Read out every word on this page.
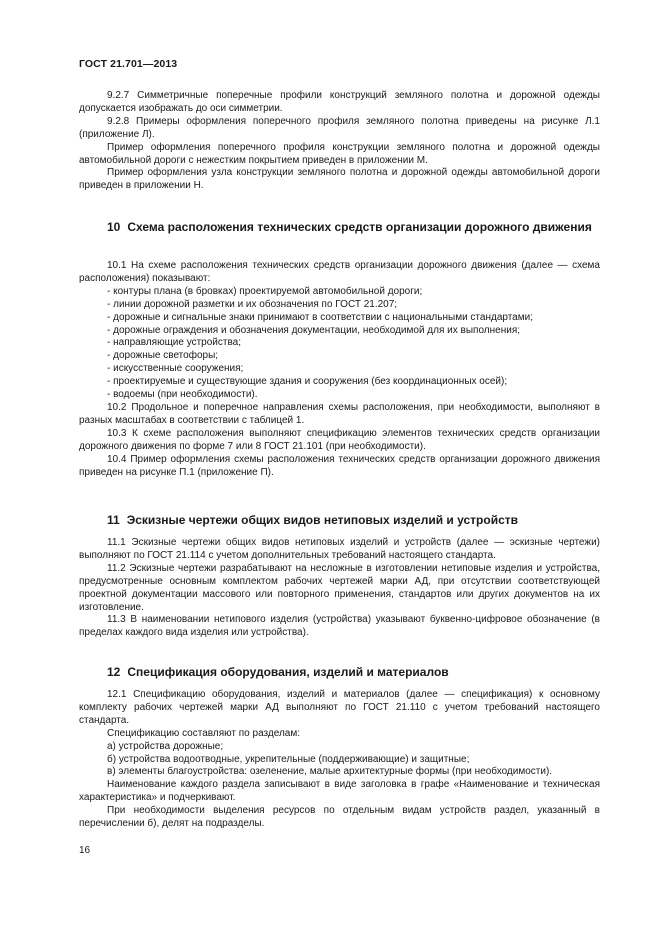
ГОСТ 21.701—2013

9.2.7 Симметричные поперечные профили конструкций земляного полотна и дорожной одежды допускается изображать до оси симметрии.

9.2.8 Примеры оформления поперечного профиля земляного полотна приведены на рисунке Л.1 (приложение Л).

Пример оформления поперечного профиля конструкции земляного полотна и дорожной одежды автомобильной дороги с нежестким покрытием приведен в приложении М.

Пример оформления узла конструкции земляного полотна и дорожной одежды автомобильной дороги приведен в приложении Н.

10 Схема расположения технических средств организации дорожного движения

10.1 На схеме расположения технических средств организации дорожного движения (далее — схема расположения) показывают:

- контуры плана (в бровках) проектируемой автомобильной дороги;

- линии дорожной разметки и их обозначения по ГОСТ 21.207;

- дорожные и сигнальные знаки принимают в соответствии с национальными стандартами;

- дорожные ограждения и обозначения документации, необходимой для их выполнения;

- направляющие устройства;

- дорожные светофоры;

- искусственные сооружения;

- проектируемые и существующие здания и сооружения (без координационных осей);

- водоемы (при необходимости).

10.2 Продольное и поперечное направления схемы расположения, при необходимости, выполняют в разных масштабах в соответствии с таблицей 1.

10.3 К схеме расположения выполняют спецификацию элементов технических средств организации дорожного движения по форме 7 или 8 ГОСТ 21.101 (при необходимости).

10.4 Пример оформления схемы расположения технических средств организации дорожного движения приведен на рисунке П.1 (приложение П).

11 Эскизные чертежи общих видов нетиповых изделий и устройств

11.1 Эскизные чертежи общих видов нетиповых изделий и устройств (далее — эскизные чертежи) выполняют по ГОСТ 21.114 с учетом дополнительных требований настоящего стандарта.

11.2 Эскизные чертежи разрабатывают на несложные в изготовлении нетиповые изделия и устройства, предусмотренные основным комплектом рабочих чертежей марки АД, при отсутствии соответствующей проектной документации массового или повторного применения, стандартов или других документов на их изготовление.

11.3 В наименовании нетипового изделия (устройства) указывают буквенно-цифровое обозначение (в пределах каждого вида изделия или устройства).

12 Спецификация оборудования, изделий и материалов

12.1 Спецификацию оборудования, изделий и материалов (далее — спецификация) к основному комплекту рабочих чертежей марки АД выполняют по ГОСТ 21.110 с учетом требований настоящего стандарта.

Спецификацию составляют по разделам:

а) устройства дорожные;

б) устройства водоотводные, укрепительные (поддерживающие) и защитные;

в) элементы благоустройства: озеленение, малые архитектурные формы (при необходимости).

Наименование каждого раздела записывают в виде заголовка в графе «Наименование и техническая характеристика» и подчеркивают.

При необходимости выделения ресурсов по отдельным видам устройств раздел, указанный в перечислении б), делят на подразделы.

16
